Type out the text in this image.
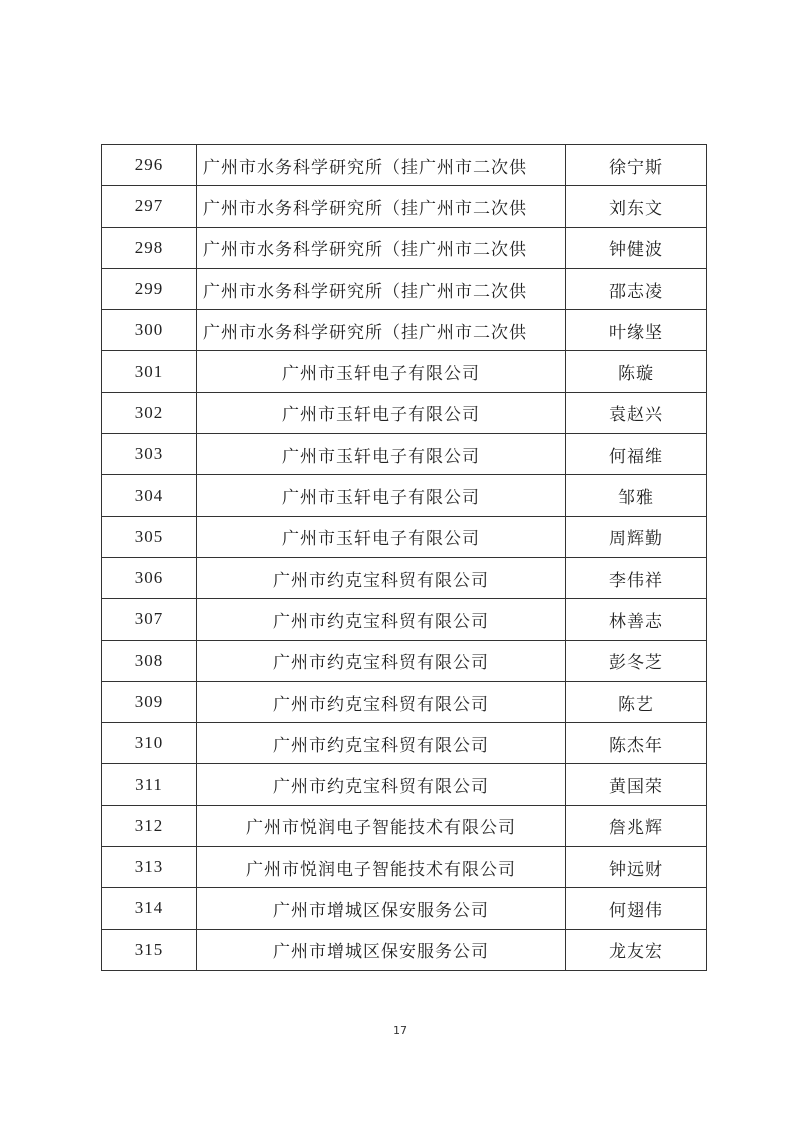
296	广州市水务科学研究所（挂广州市二次供	徐宁斯
297	广州市水务科学研究所（挂广州市二次供	刘东文
298	广州市水务科学研究所（挂广州市二次供	钟健波
299	广州市水务科学研究所（挂广州市二次供	邵志凌
300	广州市水务科学研究所（挂广州市二次供	叶缘坚
301	广州市玉轩电子有限公司	陈璇
302	广州市玉轩电子有限公司	袁赵兴
303	广州市玉轩电子有限公司	何福维
304	广州市玉轩电子有限公司	邹雅
305	广州市玉轩电子有限公司	周辉勤
306	广州市约克宝科贸有限公司	李伟祥
307	广州市约克宝科贸有限公司	林善志
308	广州市约克宝科贸有限公司	彭冬芝
309	广州市约克宝科贸有限公司	陈艺
310	广州市约克宝科贸有限公司	陈杰年
311	广州市约克宝科贸有限公司	黄国荣
312	广州市悦润电子智能技术有限公司	詹兆辉
313	广州市悦润电子智能技术有限公司	钟远财
314	广州市增城区保安服务公司	何翅伟
315	广州市增城区保安服务公司	龙友宏
17
